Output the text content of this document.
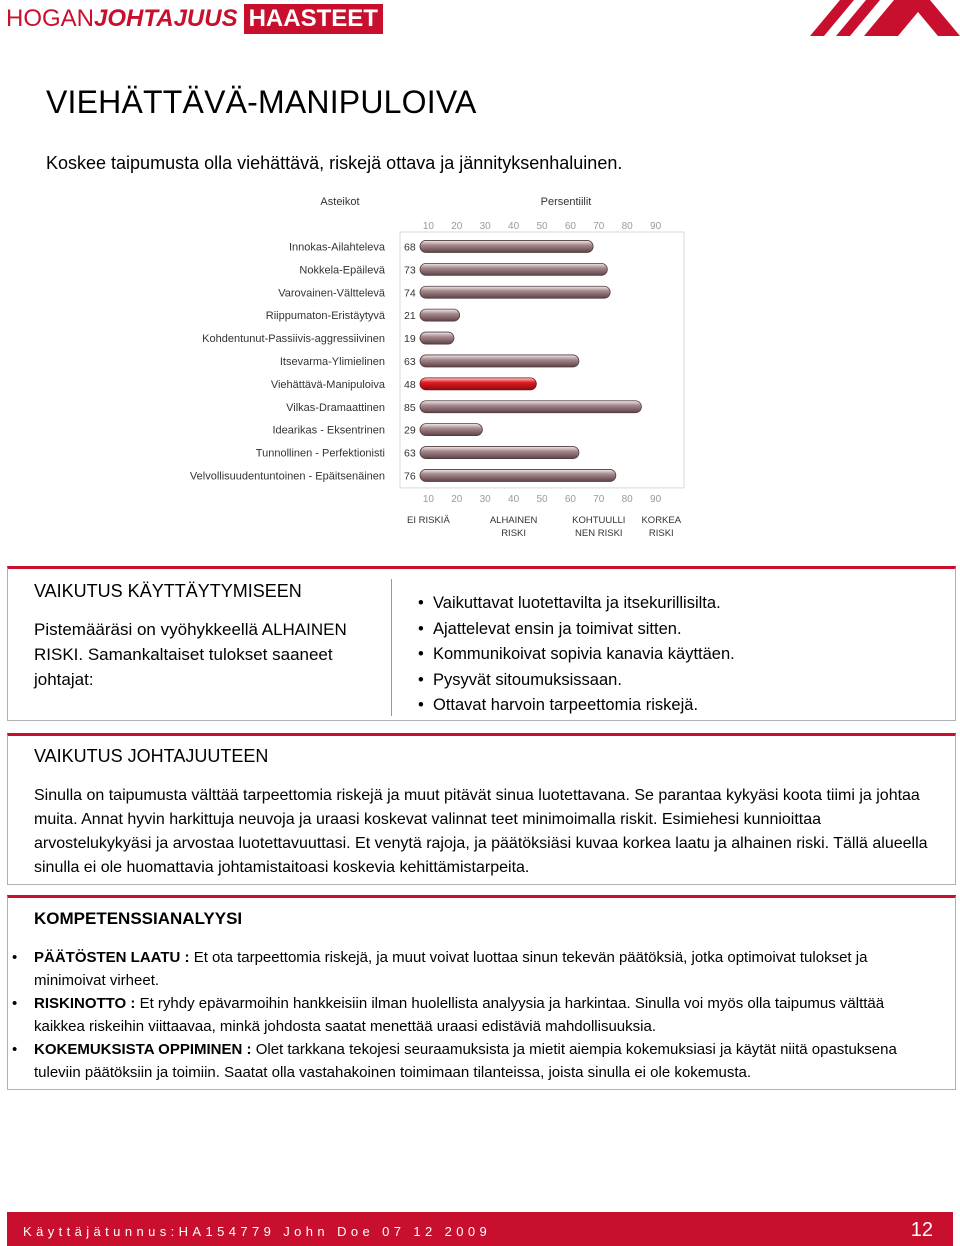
HOGANJOHTAJUUS HAASTEET
VIEHÄTTÄVÄ-MANIPULOIVA

Koskee taipumusta olla viehättävä, riskejä ottava ja jännityksenhaluinen.

Asteikot	Persentiilit
Innokas-Ailahteleva 68
Nokkela-Epäilevä 73
Varovainen-Välttelevä 74
Riippumaton-Eristäytyvä 21
Kohdentunut-Passiivis-aggressiivinen 19
Itsevarma-Ylimielinen 63
Viehättävä-Manipuloiva 48
Vilkas-Dramaattinen 85
Idearikas - Eksentrinen 29
Tunnollinen - Perfektionisti 63
Velvollisuudentuntoinen - Epäitsenäinen 76
10
10
20
20
30
30
40
40
50
50
60
60
70
70
80
80
90
90
EI RISKIÄ	ALHAINEN
RISKI
KOHTUULLI
NEN RISKI
KORKEA
RISKI
VAIKUTUS KÄYTTÄYTYMISEEN
Pistemääräsi on vyöhykkeellä ALHAINEN RISKI. Samankaltaiset tulokset saaneet johtajat:
• Vaikuttavat luotettavilta ja itsekurillisilta.
• Ajattelevat ensin ja toimivat sitten.
• Kommunikoivat sopivia kanavia käyttäen.
• Pysyvät sitoumuksissaan.
• Ottavat harvoin tarpeettomia riskejä.
VAIKUTUS JOHTAJUUTEEN
Sinulla on taipumusta välttää tarpeettomia riskejä ja muut pitävät sinua luotettavana. Se parantaa kykyäsi koota tiimi ja johtaa muita. Annat hyvin harkittuja neuvoja ja uraasi koskevat valinnat teet minimoimalla riskit. Esimiehesi kunnioittaa arvostelukykyäsi ja arvostaa luotettavuuttasi. Et venytä rajoja, ja päätöksiäsi kuvaa korkea laatu ja alhainen riski. Tällä alueella sinulla ei ole huomattavia johtamistaitoasi koskevia kehittämistarpeita.
KOMPETENSSIANALYYSI
• PÄÄTÖSTEN LAATU : Et ota tarpeettomia riskejä, ja muut voivat luottaa sinun tekevän päätöksiä, jotka optimoivat tulokset ja minimoivat virheet.
• RISKINOTTO : Et ryhdy epävarmoihin hankkeisiin ilman huolellista analyysia ja harkintaa. Sinulla voi myös olla taipumus välttää kaikkea riskeihin viittaavaa, minkä johdosta saatat menettää uraasi edistäviä mahdollisuuksia.
• KOKEMUKSISTA OPPIMINEN : Olet tarkkana tekojesi seuraamuksista ja mietit aiempia kokemuksiasi ja käytät niitä opastuksena tuleviin päätöksiin ja toimiin. Saatat olla vastahakoinen toimimaan tilanteissa, joista sinulla ei ole kokemusta.
Käyttäjätunnus:HA154779 John Doe 07 12 2009	12
